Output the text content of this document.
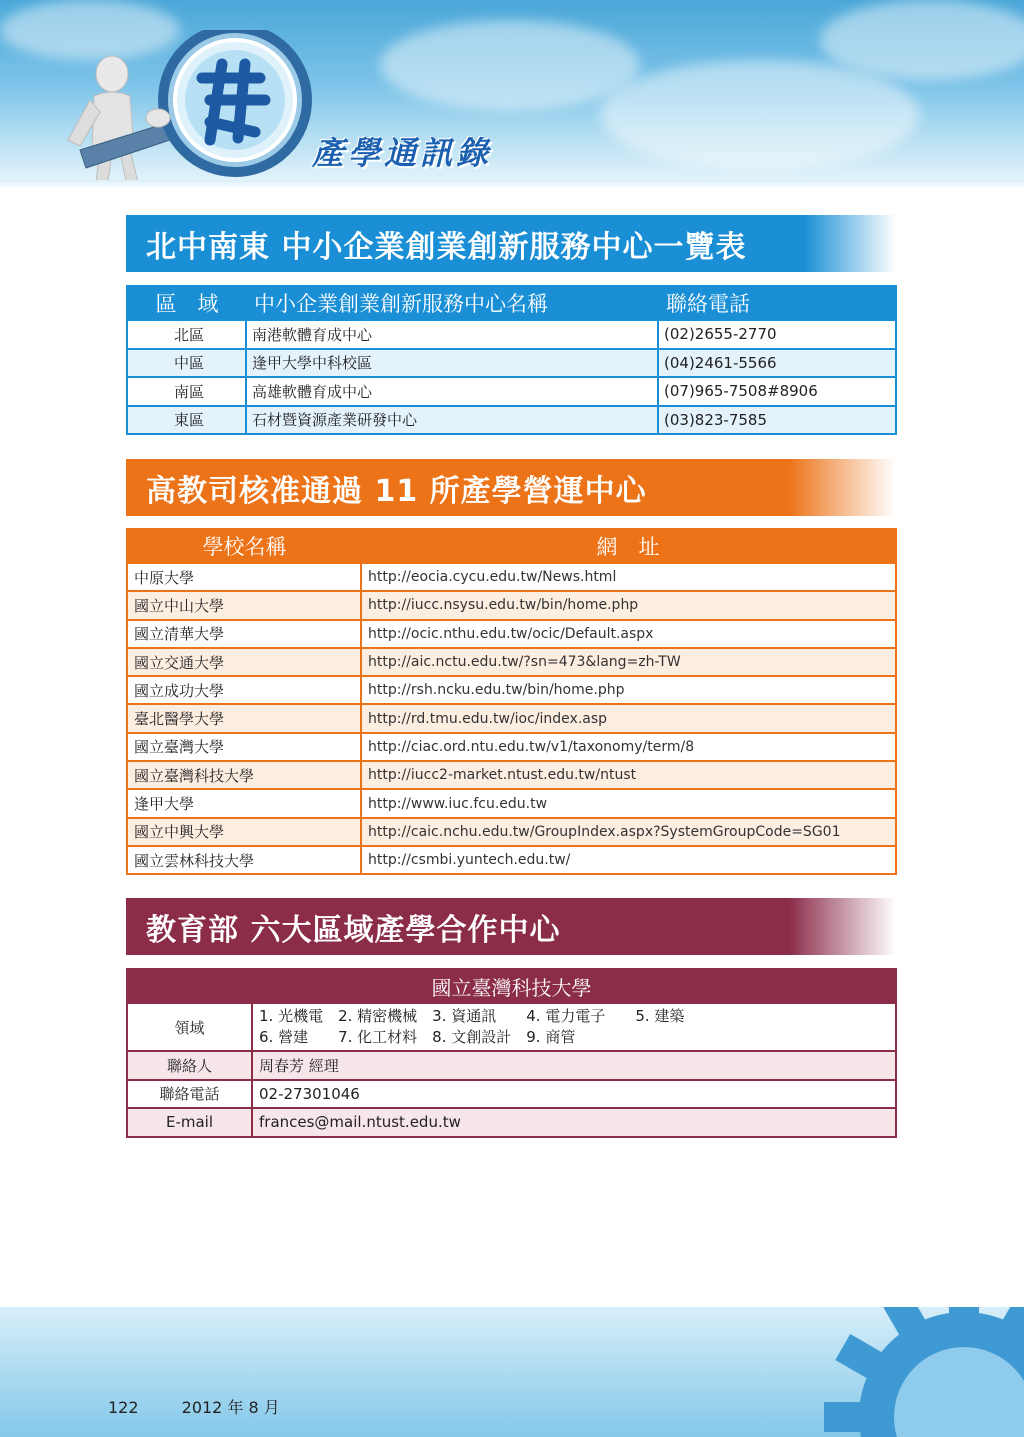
產學通訊錄
北中南東 中小企業創業創新服務中心一覽表
區　域	中小企業創業創新服務中心名稱	聯絡電話
北區	南港軟體育成中心	(02)2655-2770
中區	逢甲大學中科校區	(04)2461-5566
南區	高雄軟體育成中心	(07)965-7508#8906
東區	石材暨資源產業研發中心	(03)823-7585
高教司核准通過 11 所產學營運中心
學校名稱	網　址
中原大學	http://eocia.cycu.edu.tw/News.html
國立中山大學	http://iucc.nsysu.edu.tw/bin/home.php
國立清華大學	http://ocic.nthu.edu.tw/ocic/Default.aspx
國立交通大學	http://aic.nctu.edu.tw/?sn=473&lang=zh-TW
國立成功大學	http://rsh.ncku.edu.tw/bin/home.php
臺北醫學大學	http://rd.tmu.edu.tw/ioc/index.asp
國立臺灣大學	http://ciac.ord.ntu.edu.tw/v1/taxonomy/term/8
國立臺灣科技大學	http://iucc2-market.ntust.edu.tw/ntust
逢甲大學	http://www.iuc.fcu.edu.tw
國立中興大學	http://caic.nchu.edu.tw/GroupIndex.aspx?SystemGroupCode=SG01
國立雲林科技大學	http://csmbi.yuntech.edu.tw/
教育部 六大區域產學合作中心
國立臺灣科技大學	
領域	1. 光機電　2. 精密機械　3. 資通訊　　4. 電力電子　　5. 建築
6. 營建　　7. 化工材料　8. 文創設計　9. 商管

聯絡人	周春芳 經理
聯絡電話	02-27301046
E-mail	frances@mail.ntust.edu.tw
122	2012 年 8 月
